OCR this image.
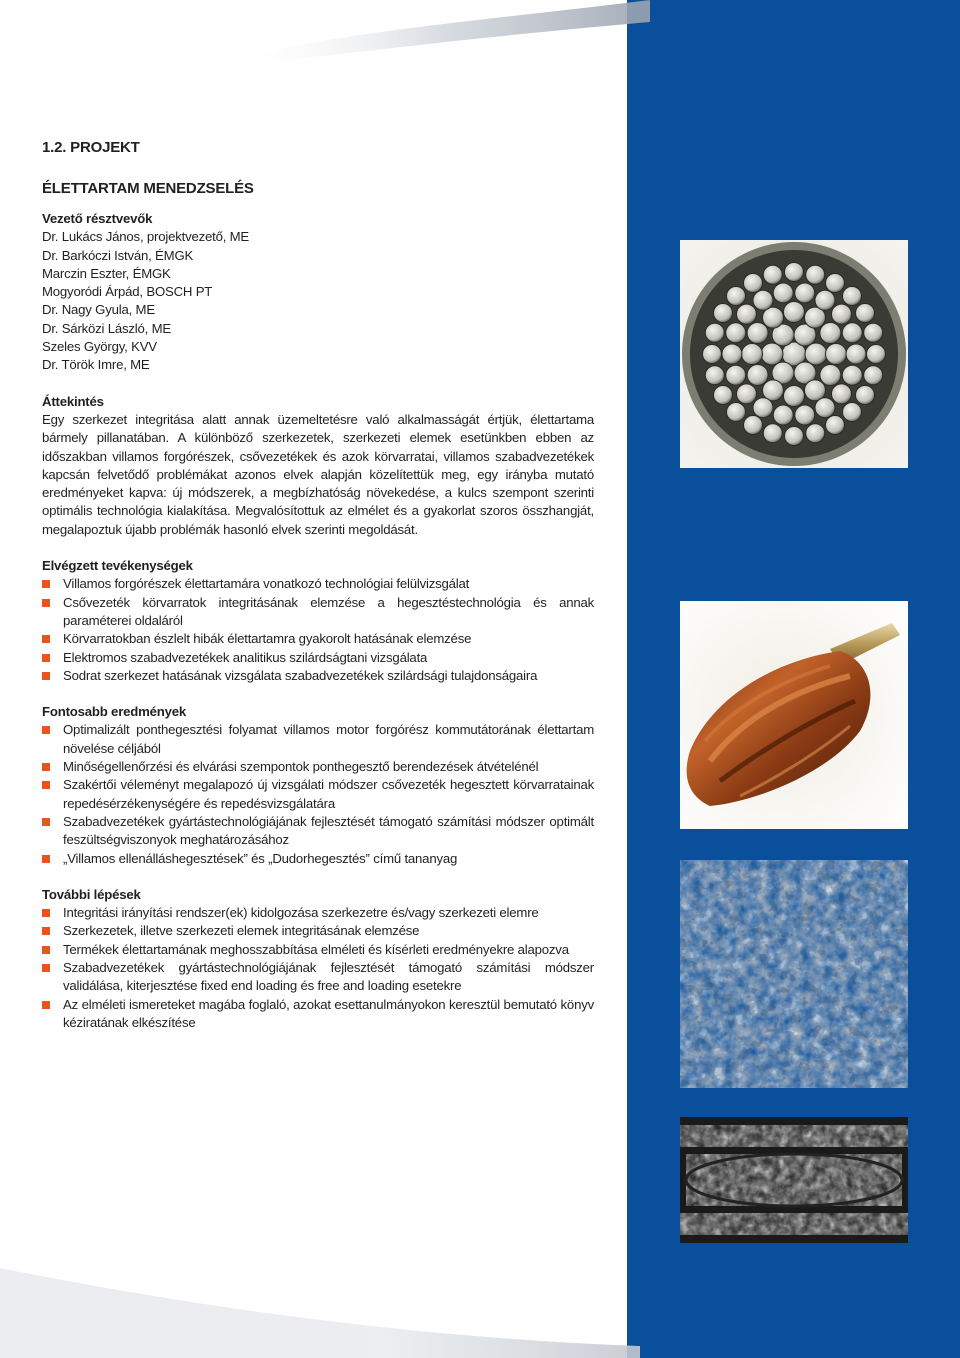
1.2. PROJEKT
ÉLETTARTAM MENEDZSELÉS
Vezető résztvevők
Dr. Lukács János, projektvezető, ME
Dr. Barkóczi István, ÉMGK
Marczin Eszter, ÉMGK
Mogyoródi Árpád, BOSCH PT
Dr. Nagy Gyula, ME
Dr. Sárközi László, ME
Szeles György, KVV
Dr. Török Imre, ME
Áttekintés
Egy szerkezet integritása alatt annak üzemeltetésre való alkalmasságát értjük, élettartama bármely pillanatában. A különböző szerkezetek, szerkezeti elemek esetünkben ebben az időszakban villamos forgórészek, csővezetékek és azok körvarratai, villamos szabadvezetékek kapcsán felvetődő problémákat azonos elvek alapján közelítettük meg, egy irányba mutató eredményeket kapva: új módszerek, a megbízhatóság növekedése, a kulcs szempont szerinti optimális technológia kialakítása. Megvalósítottuk az elmélet és a gyakorlat szoros összhangját, megalapoztuk újabb problémák hasonló elvek szerinti megoldását.
Elvégzett tevékenységek
Villamos forgórészek élettartamára vonatkozó technológiai felülvizsgálat
Csővezeték körvarratok integritásának elemzése a hegesztéstechnológia és annak paraméterei oldaláról
Körvarratokban észlelt hibák élettartamra gyakorolt hatásának elemzése
Elektromos szabadvezetékek analitikus szilárdságtani vizsgálata
Sodrat szerkezet hatásának vizsgálata szabadvezetékek szilárdsági tulajdonságaira
Fontosabb eredmények
Optimalizált ponthegesztési folyamat villamos motor forgórész kommutátorának élettartam növelése céljából
Minőségellenőrzési és elvárási szempontok ponthegesztő berendezések átvételénél
Szakértői véleményt megalapozó új vizsgálati módszer csővezeték hegesztett körvarratainak repedésérzékenységére és repedésvizsgálatára
Szabadvezetékek gyártástechnológiájának fejlesztését támogató számítási módszer optimált feszültségviszonyok meghatározásához
„Villamos ellenálláshegesztések” és „Dudorhegesztés” című tananyag
További lépések
Integritási irányítási rendszer(ek) kidolgozása szerkezetre és/vagy szerkezeti elemre
Szerkezetek, illetve szerkezeti elemek integritásának elemzése
Termékek élettartamának meghosszabbítása elméleti és kísérleti eredményekre alapozva
Szabadvezetékek gyártástechnológiájának fejlesztését támogató számítási módszer validálása, kiterjesztése fixed end loading és free and loading esetekre
Az elméleti ismereteket magába foglaló, azokat esettanulmányokon keresztül bemutató könyv kéziratának elkészítése
